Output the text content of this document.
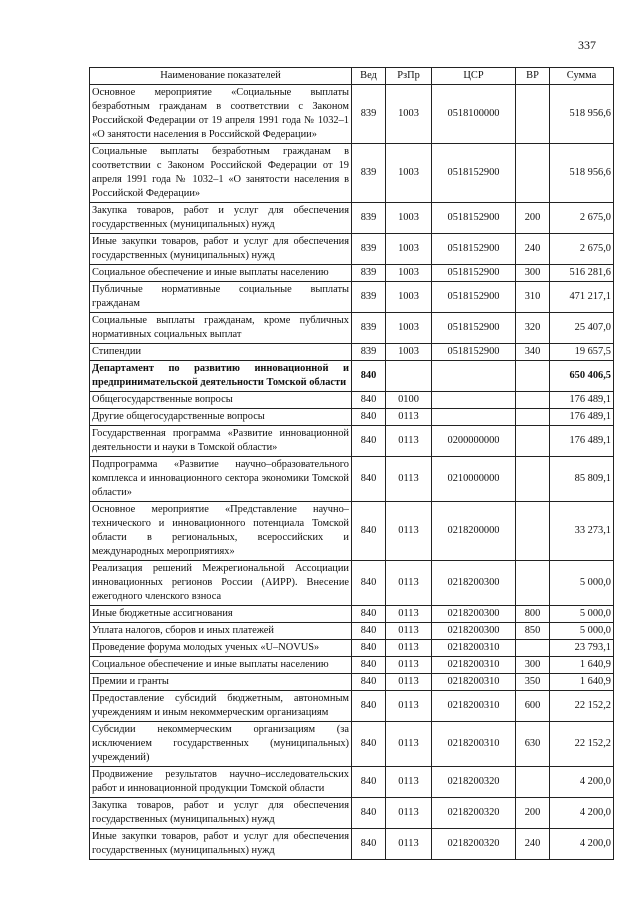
337
Наименование показателей	Вед	РзПр	ЦСР	ВР	Сумма
Основное мероприятие «Социальные выплаты безработным гражданам в соответствии с Законом Российской Федерации от 19 апреля 1991 года № 1032–1 «О занятости населения в Российской Федерации»	839	1003	0518100000		518 956,6
Социальные выплаты безработным гражданам в соответствии с Законом Российской Федерации от 19 апреля 1991 года № 1032–1 «О занятости населения в Российской Федерации»	839	1003	0518152900		518 956,6
Закупка товаров, работ и услуг для обеспечения государственных (муниципальных) нужд	839	1003	0518152900	200	2 675,0
Иные закупки товаров, работ и услуг для обеспечения государственных (муниципальных) нужд	839	1003	0518152900	240	2 675,0
Социальное обеспечение и иные выплаты населению	839	1003	0518152900	300	516 281,6
Публичные нормативные социальные выплаты гражданам	839	1003	0518152900	310	471 217,1
Социальные выплаты гражданам, кроме публичных нормативных социальных выплат	839	1003	0518152900	320	25 407,0
Стипендии	839	1003	0518152900	340	19 657,5
Департамент по развитию инновационной и предпринимательской деятельности Томской области	840				650 406,5
Общегосударственные вопросы	840	0100			176 489,1
Другие общегосударственные вопросы	840	0113			176 489,1
Государственная программа «Развитие инновационной деятельности и науки в Томской области»	840	0113	0200000000		176 489,1
Подпрограмма «Развитие научно–образовательного комплекса и инновационного сектора экономики Томской области»	840	0113	0210000000		85 809,1
Основное мероприятие «Представление научно–технического и инновационного потенциала Томской области в региональных, всероссийских и международных мероприятиях»	840	0113	0218200000		33 273,1
Реализация решений Межрегиональной Ассоциации инновационных регионов России (АИРР). Внесение ежегодного членского взноса	840	0113	0218200300		5 000,0
Иные бюджетные ассигнования	840	0113	0218200300	800	5 000,0
Уплата налогов, сборов и иных платежей	840	0113	0218200300	850	5 000,0
Проведение форума молодых ученых «U–NOVUS»	840	0113	0218200310		23 793,1
Социальное обеспечение и иные выплаты населению	840	0113	0218200310	300	1 640,9
Премии и гранты	840	0113	0218200310	350	1 640,9
Предоставление субсидий бюджетным, автономным учреждениям и иным некоммерческим организациям	840	0113	0218200310	600	22 152,2
Субсидии некоммерческим организациям (за исключением государственных (муниципальных) учреждений)	840	0113	0218200310	630	22 152,2
Продвижение результатов научно–исследовательских работ и инновационной продукции Томской области	840	0113	0218200320		4 200,0
Закупка товаров, работ и услуг для обеспечения государственных (муниципальных) нужд	840	0113	0218200320	200	4 200,0
Иные закупки товаров, работ и услуг для обеспечения государственных (муниципальных) нужд	840	0113	0218200320	240	4 200,0
